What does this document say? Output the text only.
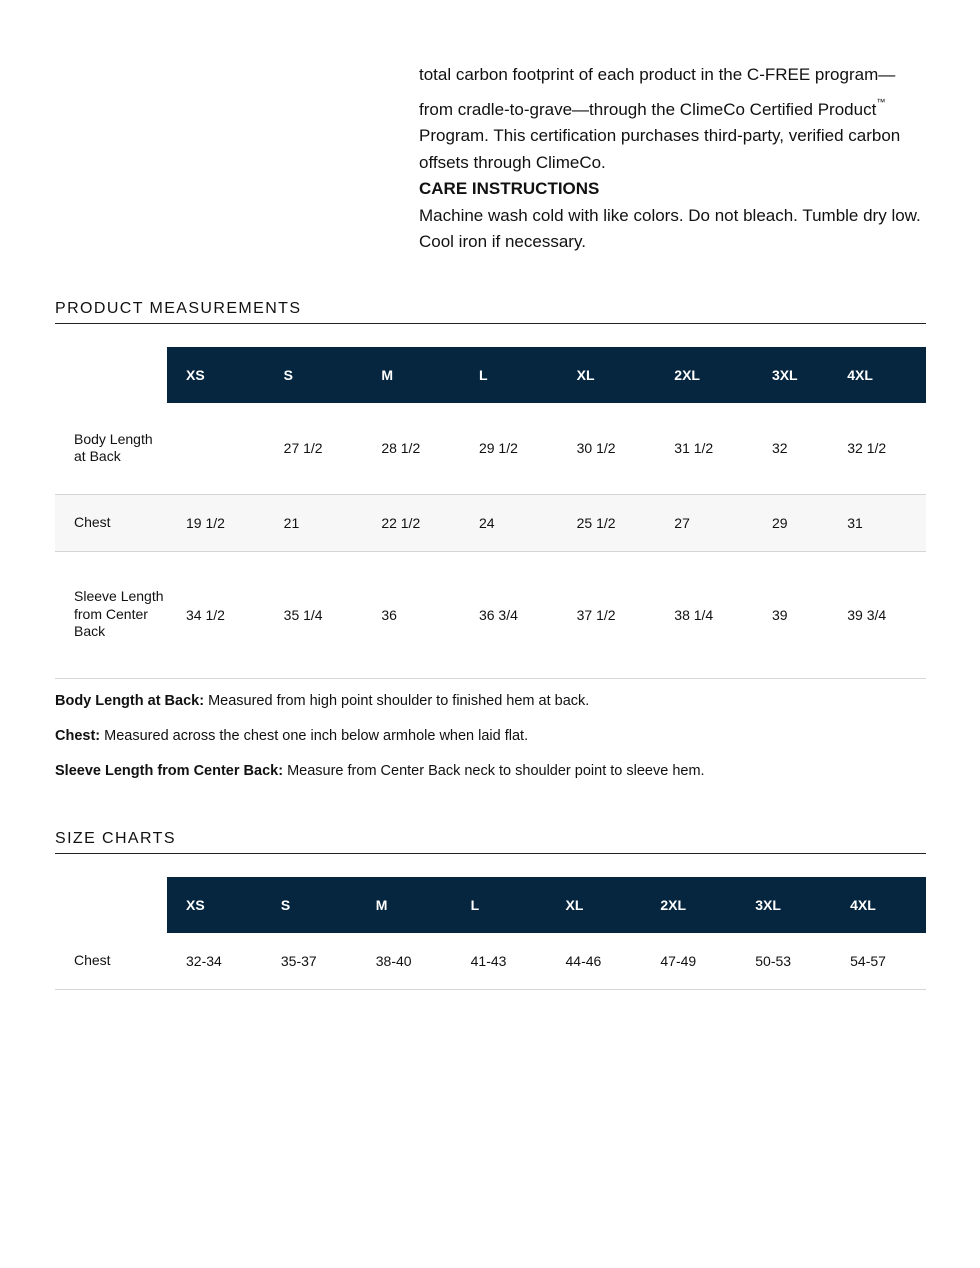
total carbon footprint of each product in the C-FREE program—

from cradle-to-grave—through the ClimeCo Certified Product™

Program. This certification purchases third-party, verified carbon offsets through ClimeCo.

CARE INSTRUCTIONS

Machine wash cold with like colors. Do not bleach. Tumble dry low. Cool iron if necessary.

PRODUCT MEASUREMENTS
	XS	S	M	L	XL	2XL	3XL	4XL
Body Length at Back		27 1/2	28 1/2	29 1/2	30 1/2	31 1/2	32	32 1/2
Chest	19 1/2	21	22 1/2	24	25 1/2	27	29	31
Sleeve Length from Center Back	34 1/2	35 1/4	36	36 3/4	37 1/2	38 1/4	39	39 3/4

Body Length at Back: Measured from high point shoulder to finished hem at back.

Chest: Measured across the chest one inch below armhole when laid flat.

Sleeve Length from Center Back: Measure from Center Back neck to shoulder point to sleeve hem.

SIZE CHARTS
	XS	S	M	L	XL	2XL	3XL	4XL
Chest	32-34	35-37	38-40	41-43	44-46	47-49	50-53	54-57
